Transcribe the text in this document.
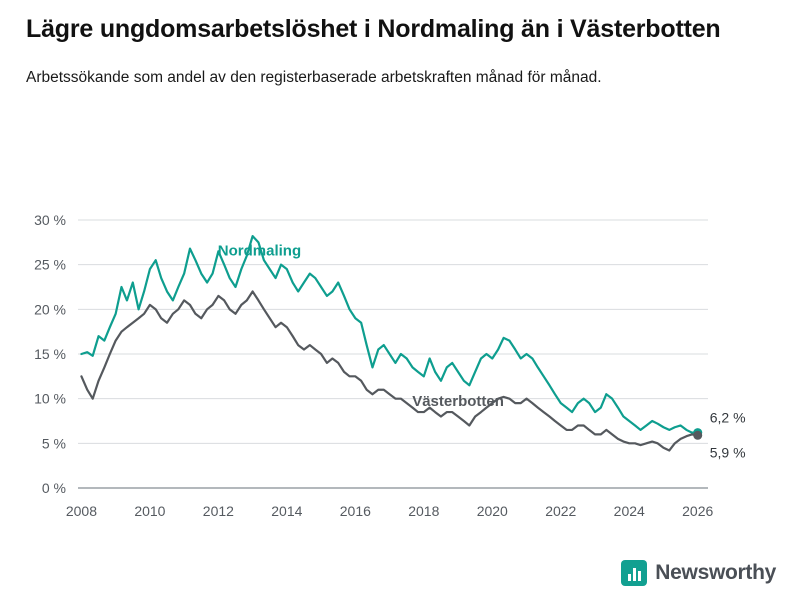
Lägre ungdomsarbetslöshet i Nordmaling än i Västerbotten
Arbetssökande som andel av den registerbaserade arbetskraften månad för månad.
0 %
5 %
10 %
15 %
20 %
25 %
30 %
2008	2010	2012	2014	2016	2018	2020	2022	2024	2026
Nordmaling
Västerbotten
6,2 %
5,9 %
Newsworthy
